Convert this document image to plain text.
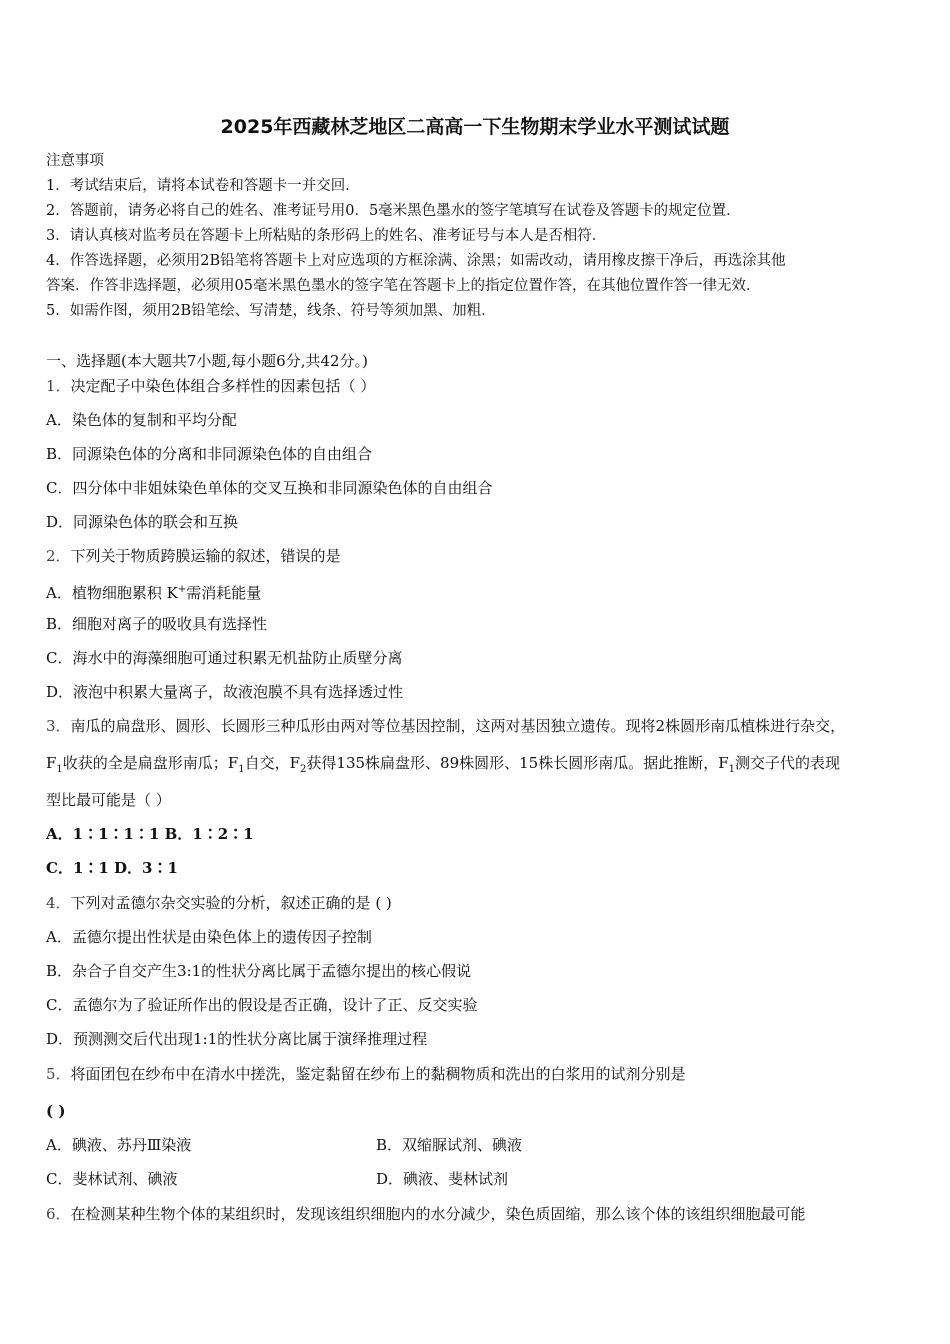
2025年西藏林芝地区二高高一下生物期末学业水平测试试题
注意事项
1．考试结束后，请将本试卷和答题卡一并交回．
2．答题前，请务必将自己的姓名、准考证号用0．5毫米黑色墨水的签字笔填写在试卷及答题卡的规定位置．
3．请认真核对监考员在答题卡上所粘贴的条形码上的姓名、准考证号与本人是否相符．
4．作答选择题，必须用2B铅笔将答题卡上对应选项的方框涂满、涂黑；如需改动，请用橡皮擦干净后，再选涂其他
答案．作答非选择题，必须用05毫米黑色墨水的签字笔在答题卡上的指定位置作答，在其他位置作答一律无效．
5．如需作图，须用2B铅笔绘、写清楚，线条、符号等须加黑、加粗．
一、选择题(本大题共7小题,每小题6分,共42分。)
1．决定配子中染色体组合多样性的因素包括（ ）
A．染色体的复制和平均分配
B．同源染色体的分离和非同源染色体的自由组合
C．四分体中非姐妹染色单体的交叉互换和非同源染色体的自由组合
D．同源染色体的联会和互换
2．下列关于物质跨膜运输的叙述，错误的是
A．植物细胞累积 K+需消耗能量
B．细胞对离子的吸收具有选择性
C．海水中的海藻细胞可通过积累无机盐防止质壁分离
D．液泡中积累大量离子，故液泡膜不具有选择透过性
3．南瓜的扁盘形、圆形、长圆形三种瓜形由两对等位基因控制，这两对基因独立遗传。现将2株圆形南瓜植株进行杂交，
$F_1$收获的全是扁盘形南瓜；$F_1$自交，$F_2$获得135株扁盘形、89株圆形、15株长圆形南瓜。据此推断，$F_1$测交子代的表现
型比最可能是（ ）
A．1∶1∶1∶1 B．1∶2∶1
C．1∶1 D．3∶1
4．下列对孟德尔杂交实验的分析，叙述正确的是 ( )
A．孟德尔提出性状是由染色体上的遗传因子控制
B．杂合子自交产生3:1的性状分离比属于孟德尔提出的核心假说
C．孟德尔为了验证所作出的假设是否正确，设计了正、反交实验
D．预测测交后代出现1:1的性状分离比属于演绎推理过程
5．将面团包在纱布中在清水中搓洗，鉴定黏留在纱布上的黏稠物质和洗出的白浆用的试剂分别是
( )
A．碘液、苏丹Ⅲ染液	B．双缩脲试剂、碘液
C．斐林试剂、碘液	D．碘液、斐林试剂
6．在检测某种生物个体的某组织时，发现该组织细胞内的水分减少，染色质固缩，那么该个体的该组织细胞最可能
